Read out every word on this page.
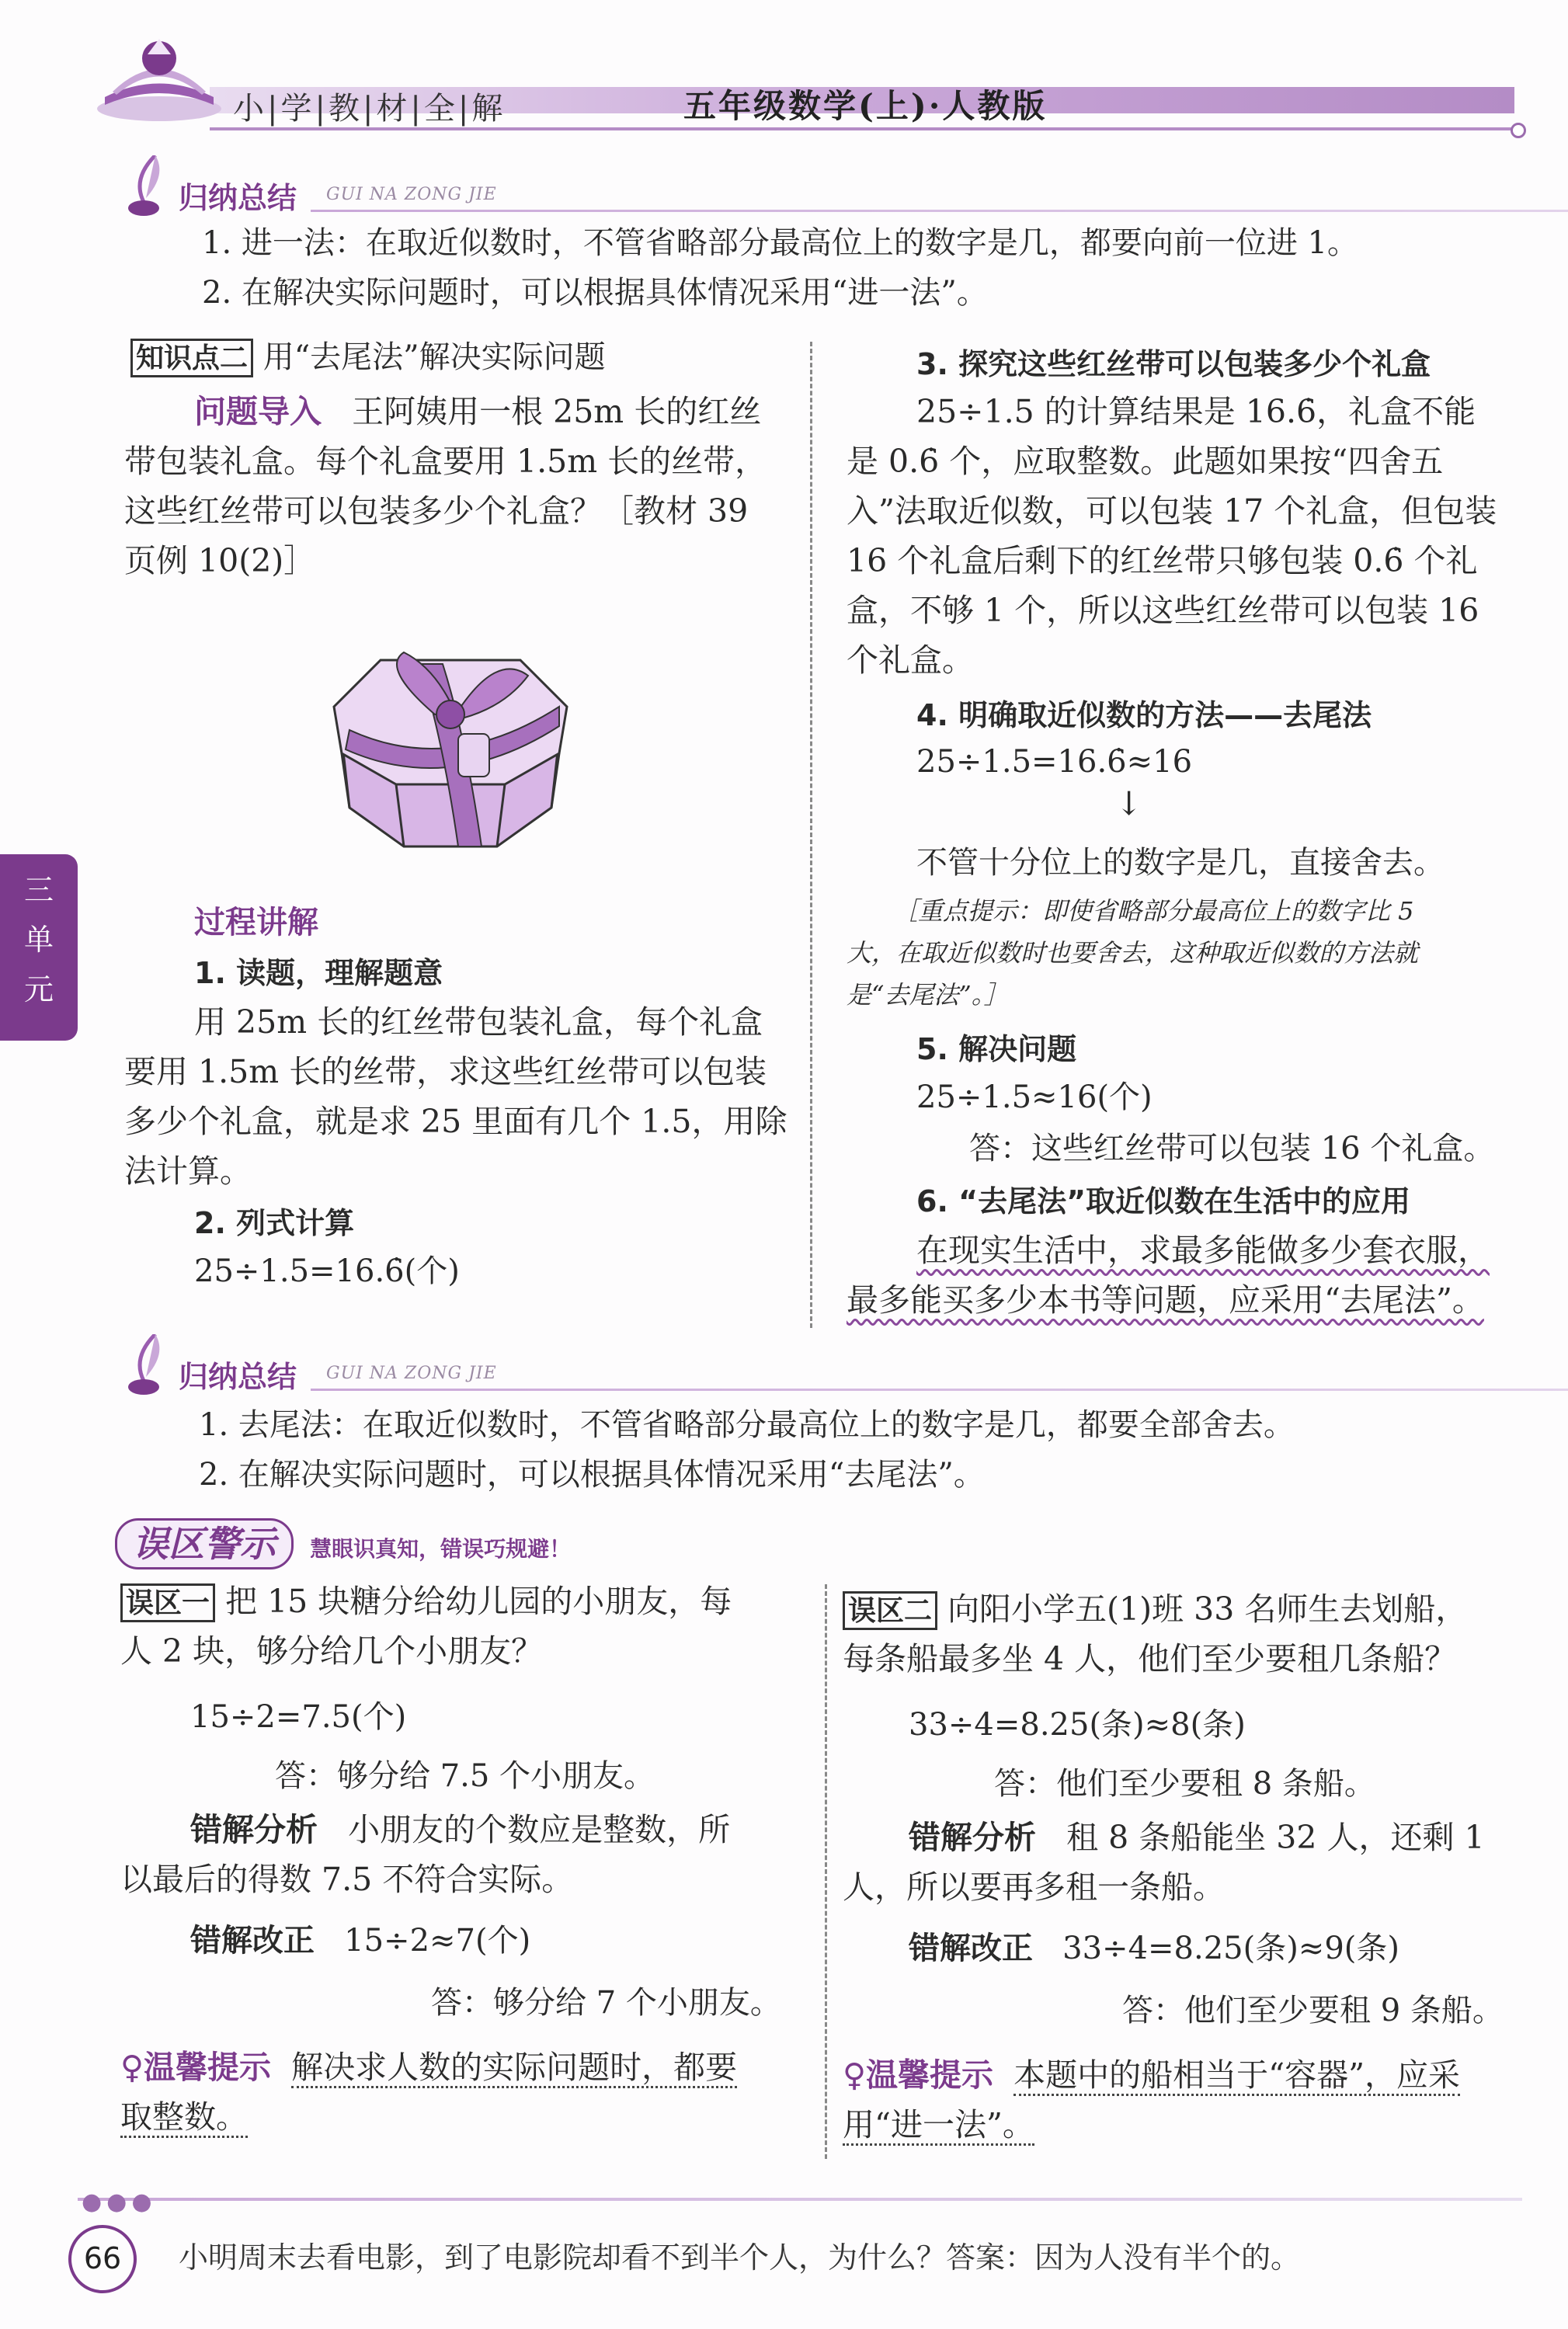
小|学|教|材|全|解	五年级数学(上)·人教版
归纳总结 GUI NA ZONG JIE
1. 进一法：在取近似数时，不管省略部分最高位上的数字是几，都要向前一位进 1。
2. 在解决实际问题时，可以根据具体情况采用“进一法”。
知识点二 用“去尾法”解决实际问题
问题导入 王阿姨用一根 25m 长的红丝
带包装礼盒。每个礼盒要用 1.5m 长的丝带，
这些红丝带可以包装多少个礼盒？［教材 39
页例 10(2)］
过程讲解
1. 读题，理解题意
用 25m 长的红丝带包装礼盒，每个礼盒
要用 1.5m 长的丝带，求这些红丝带可以包装
多少个礼盒，就是求 25 里面有几个 1.5，用除
法计算。
2. 列式计算
25÷1.5=16.6̇(个)
3. 探究这些红丝带可以包装多少个礼盒
25÷1.5 的计算结果是 16.6̇，礼盒不能
是 0.6̇ 个，应取整数。此题如果按“四舍五
入”法取近似数，可以包装 17 个礼盒，但包装
16 个礼盒后剩下的红丝带只够包装 0.6̇ 个礼
盒，不够 1 个，所以这些红丝带可以包装 16
个礼盒。
4. 明确取近似数的方法——去尾法
25÷1.5=16.6̇≈16
↓
不管十分位上的数字是几，直接舍去。
［重点提示：即使省略部分最高位上的数字比 5
大，在取近似数时也要舍去，这种取近似数的方法就
是“去尾法”。］
5. 解决问题
25÷1.5≈16(个)
答：这些红丝带可以包装 16 个礼盒。
6. “去尾法”取近似数在生活中的应用
在现实生活中，求最多能做多少套衣服，
最多能买多少本书等问题，应采用“去尾法”。
三
单
元
归纳总结 GUI NA ZONG JIE
1. 去尾法：在取近似数时，不管省略部分最高位上的数字是几，都要全部舍去。
2. 在解决实际问题时，可以根据具体情况采用“去尾法”。
误区警示 慧眼识真知，错误巧规避！
误区一 把 15 块糖分给幼儿园的小朋友，每
人 2 块，够分给几个小朋友？
15÷2=7.5(个)
答：够分给 7.5 个小朋友。
错解分析 小朋友的个数应是整数，所
以最后的得数 7.5 不符合实际。
错解改正 15÷2≈7(个)
答：够分给 7 个小朋友。
♀温馨提示 解决求人数的实际问题时，都要
取整数。
误区二 向阳小学五(1)班 33 名师生去划船，
每条船最多坐 4 人，他们至少要租几条船？
33÷4=8.25(条)≈8(条)
答：他们至少要租 8 条船。
错解分析 租 8 条船能坐 32 人，还剩 1
人，所以要再多租一条船。
错解改正 33÷4=8.25(条)≈9(条)
答：他们至少要租 9 条船。
♀温馨提示 本题中的船相当于“容器”，应采
用“进一法”。
●●●
66	小明周末去看电影，到了电影院却看不到半个人，为什么？答案：因为人没有半个的。
